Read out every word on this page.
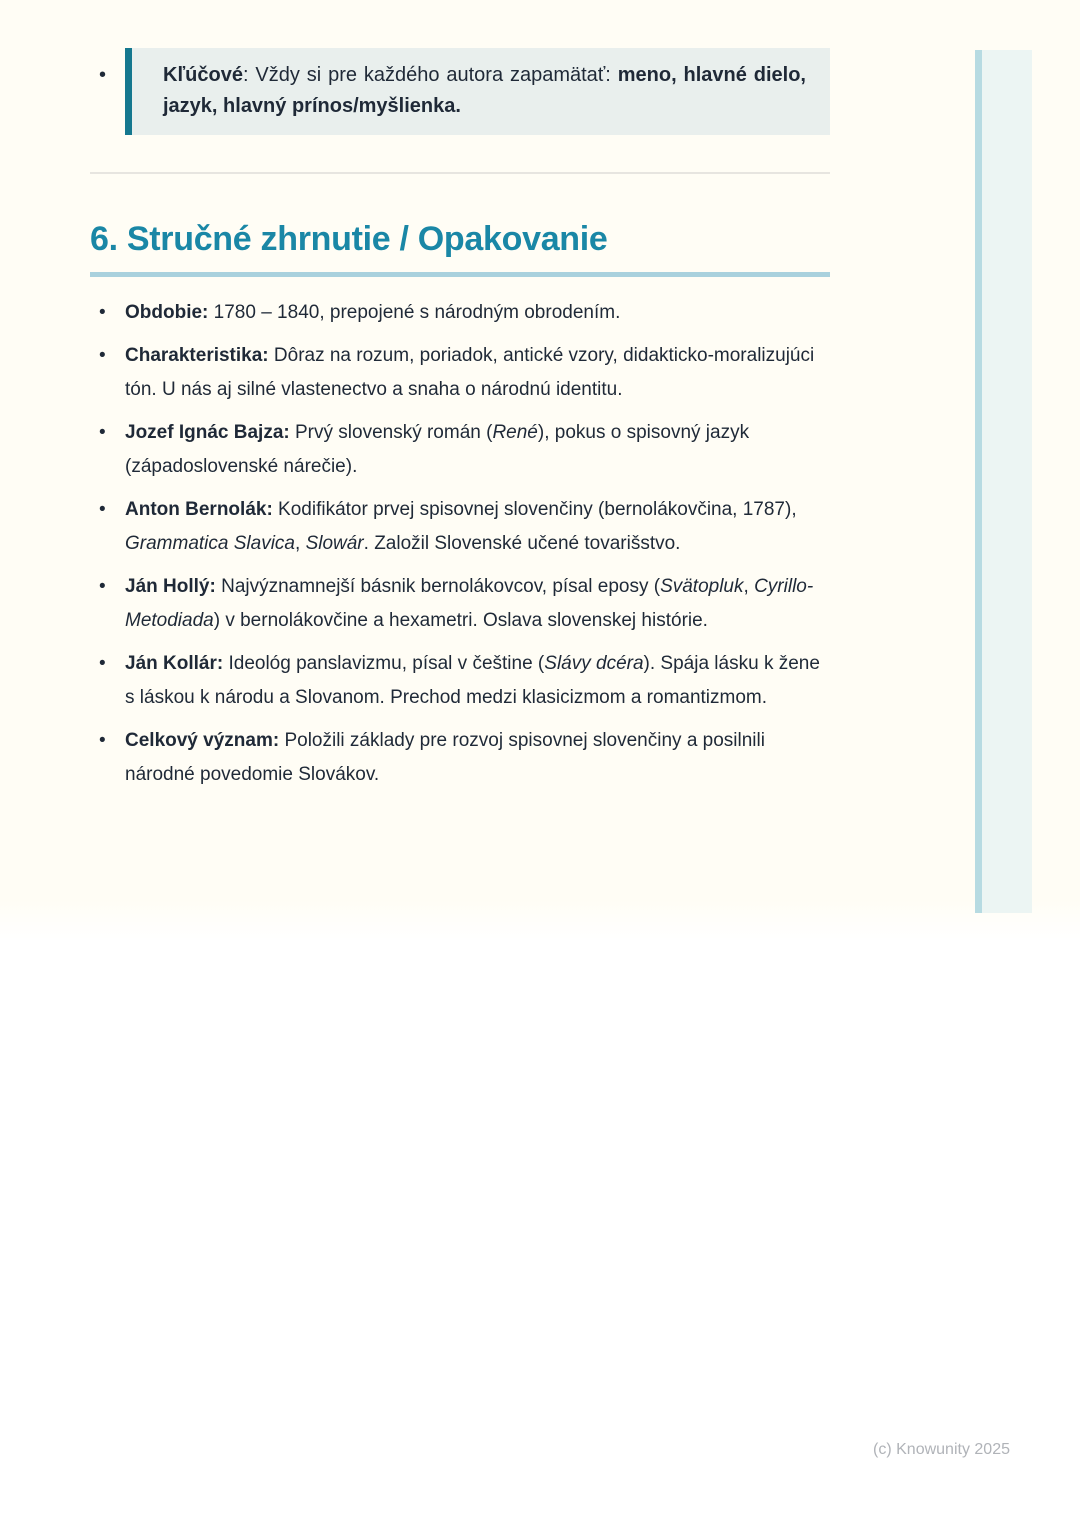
•	Kľúčové: Vždy si pre každého autora zapamätať: meno, hlavné dielo, jazyk, hlavný prínos/myšlienka.
6. Stručné zhrnutie / Opakovanie
•	Obdobie: 1780 – 1840, prepojené s národným obrodením.
•	Charakteristika: Dôraz na rozum, poriadok, antické vzory, didakticko-moralizujúci tón. U nás aj silné vlastenectvo a snaha o národnú identitu.
•	Jozef Ignác Bajza: Prvý slovenský román (René), pokus o spisovný jazyk (západoslovenské nárečie).
•	Anton Bernolák: Kodifikátor prvej spisovnej slovenčiny (bernolákovčina, 1787), Grammatica Slavica, Slowár. Založil Slovenské učené tovarišstvo.
•	Ján Hollý: Najvýznamnejší básnik bernolákovcov, písal eposy (Svätopluk, Cyrillo-Metodiada) v bernolákovčine a hexametri. Oslava slovenskej histórie.
•	Ján Kollár: Ideológ panslavizmu, písal v češtine (Slávy dcéra). Spája lásku k žene s láskou k národu a Slovanom. Prechod medzi klasicizmom a romantizmom.
•	Celkový význam: Položili základy pre rozvoj spisovnej slovenčiny a posilnili národné povedomie Slovákov.
(c) Knowunity 2025
